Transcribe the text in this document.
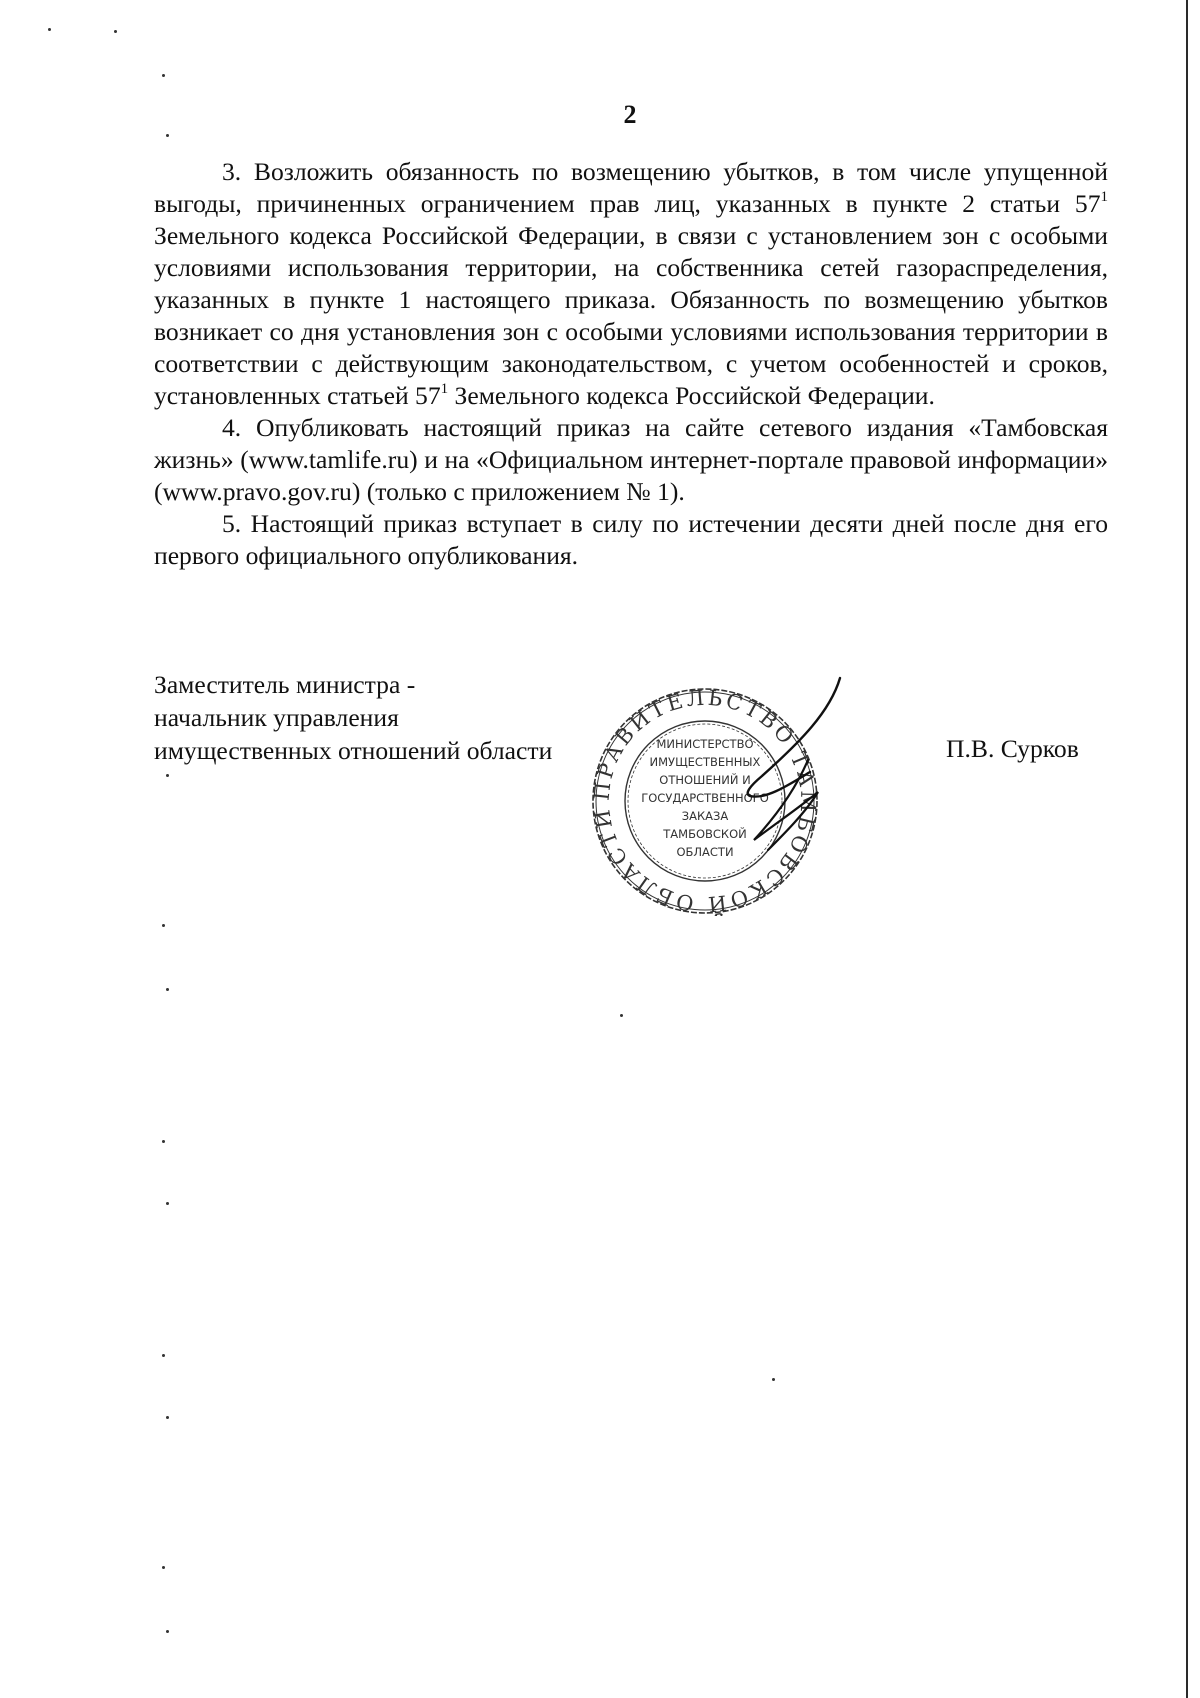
2

3. Возложить обязанность по возмещению убытков, в том числе упущенной выгоды, причиненных ограничением прав лиц, указанных в пункте 2 статьи $57^1$ Земельного кодекса Российской Федерации, в связи с установлением зон с особыми условиями использования территории, на собственника сетей газораспределения, указанных в пункте 1 настоящего приказа. Обязанность по возмещению убытков возникает со дня установления зон с особыми условиями использования территории в соответствии с действующим законодательством, с учетом особенностей и сроков, установленных статьей $57^1$ Земельного кодекса Российской Федерации.

4. Опубликовать настоящий приказ на сайте сетевого издания «Тамбовская жизнь» (www.tamlife.ru) и на «Официальном интернет-портале правовой информации» (www.pravo.gov.ru) (только с приложением № 1).

5. Настоящий приказ вступает в силу по истечении десяти дней после дня его первого официального опубликования.

Заместитель министра -
начальник управления
имущественных отношений области	П.В. Сурков
ПРАВИТЕЛЬСТВО ТАМБОВСКОЙ ОБЛАСТИ
МИНИСТЕРСТВО
ИМУЩЕСТВЕННЫХ
ОТНОШЕНИЙ И
ГОСУДАРСТВЕННОГО
ЗАКАЗА
ТАМБОВСКОЙ
ОБЛАСТИ
